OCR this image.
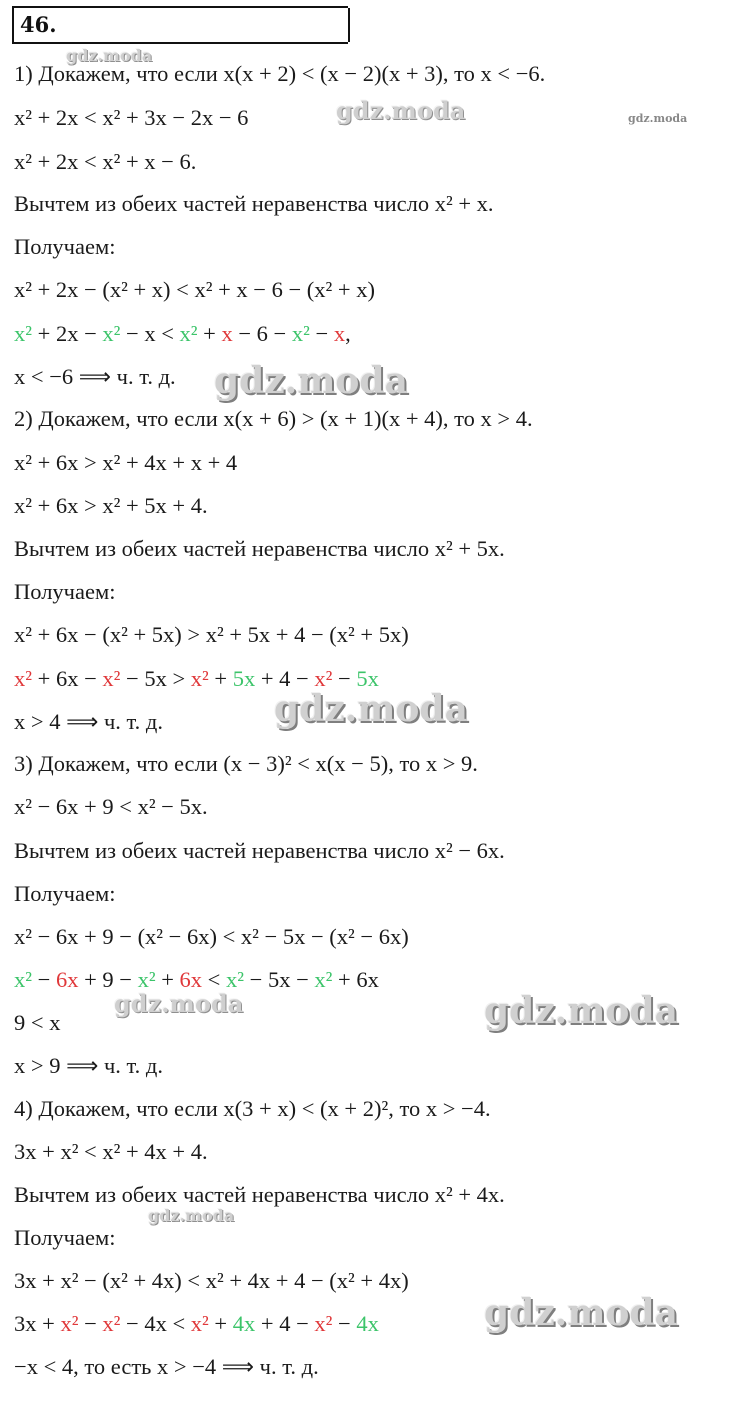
46.
1) Докажем, что если x(x + 2) < (x − 2)(x + 3), то x < −6.
x² + 2x < x² + 3x − 2x − 6
x² + 2x < x² + x − 6.
Вычтем из обеих частей неравенства число x² + x.
Получаем:
x² + 2x − (x² + x) < x² + x − 6 − (x² + x)
x² + 2x − x² − x < x² + x − 6 − x² − x,
x < −6 ⟹ ч. т. д.
2) Докажем, что если x(x + 6) > (x + 1)(x + 4), то x > 4.
x² + 6x > x² + 4x + x + 4
x² + 6x > x² + 5x + 4.
Вычтем из обеих частей неравенства число x² + 5x.
Получаем:
x² + 6x − (x² + 5x) > x² + 5x + 4 − (x² + 5x)
x² + 6x − x² − 5x > x² + 5x + 4 − x² − 5x
x > 4 ⟹ ч. т. д.
3) Докажем, что если (x − 3)² < x(x − 5), то x > 9.
x² − 6x + 9 < x² − 5x.
Вычтем из обеих частей неравенства число x² − 6x.
Получаем:
x² − 6x + 9 − (x² − 6x) < x² − 5x − (x² − 6x)
x² − 6x + 9 − x² + 6x < x² − 5x − x² + 6x
9 < x
x > 9 ⟹ ч. т. д.
4) Докажем, что если x(3 + x) < (x + 2)², то x > −4.
3x + x² < x² + 4x + 4.
Вычтем из обеих частей неравенства число x² + 4x.
Получаем:
3x + x² − (x² + 4x) < x² + 4x + 4 − (x² + 4x)
3x + x² − x² − 4x < x² + 4x + 4 − x² − 4x
−x < 4, то есть x > −4 ⟹ ч. т. д.
gdz.moda
gdz.moda	gdz.moda
gdz.moda
gdz.moda
gdz.moda	gdz.moda
gdz.moda
gdz.moda
